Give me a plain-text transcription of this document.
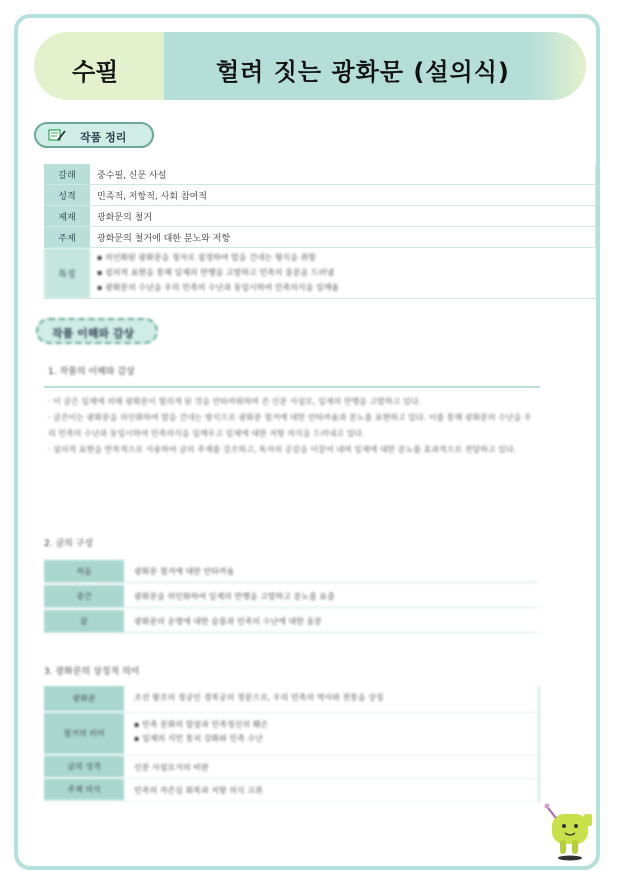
수필	헐려 짓는 광화문 (설의식)
작품 정리
갈래	중수필, 신문 사설
성격	민족적, 저항적, 사회 참여적
제재	광화문의 철거
주제	광화문의 철거에 대한 분노와 저항
특징
▪ 의인화된 광화문을 청자로 설정하여 말을 건네는 형식을 취함
▪ 설의적 표현을 통해 일제의 만행을 고발하고 민족의 울분을 드러냄
▪ 광화문의 수난을 우리 민족의 수난과 동일시하여 민족의식을 일깨움
작품 이해와 감상
1. 작품의 이해와 감상
· 이 글은 일제에 의해 광화문이 헐리게 된 것을 안타까워하며 쓴 신문 사설로, 일제의 만행을 고발하고 있다.
· 글쓴이는 광화문을 의인화하여 말을 건네는 방식으로 광화문 철거에 대한 안타까움과 분노를 표현하고 있다. 이를 통해 광화문의 수난을 우리 민족의 수난과 동일시하여 민족의식을 일깨우고 일제에 대한 저항 의식을 드러내고 있다.
· 설의적 표현을 반복적으로 사용하여 글의 주제를 강조하고, 독자의 공감을 이끌어 내며 일제에 대한 분노를 효과적으로 전달하고 있다.
2. 글의 구성
처음	광화문 철거에 대한 안타까움
중간	광화문을 의인화하여 일제의 만행을 고발하고 분노를 표출
끝	광화문의 운명에 대한 슬픔과 민족의 수난에 대한 울분
3. 광화문의 상징적 의미
광화문	조선 왕조의 정궁인 경복궁의 정문으로, 우리 민족의 역사와 전통을 상징
철거의 의미
▪ 민족 문화의 말살과 민족정신의 훼손
▪ 일제의 식민 통치 강화와 민족 수난
글의 성격	신문 사설로서의 비판
주제 의식	민족의 자존심 회복과 저항 의식 고취
